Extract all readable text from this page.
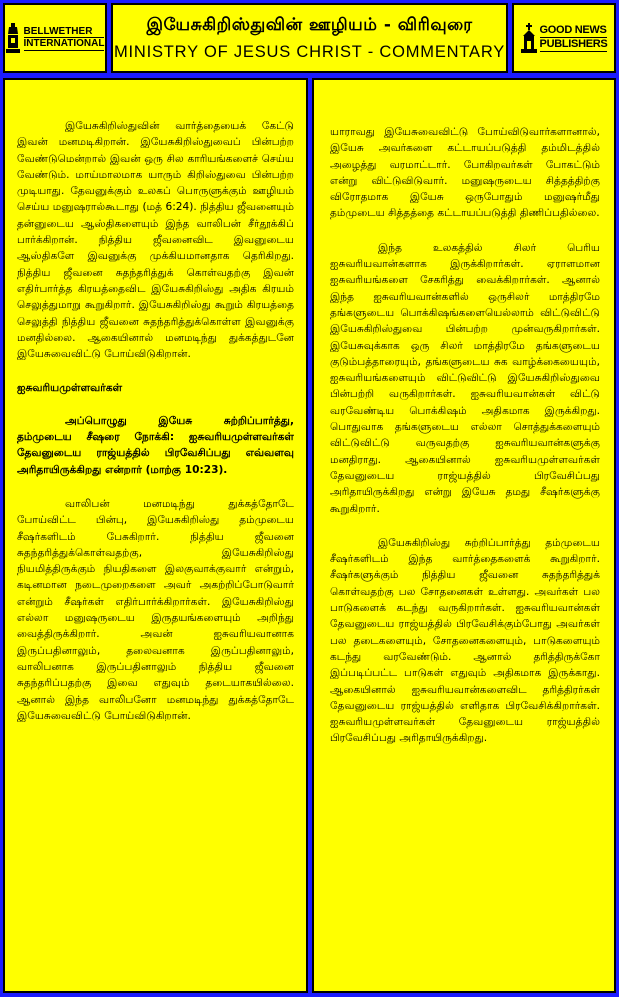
BELLWETHER
INTERNATIONAL
இயேசுகிறிஸ்துவின் ஊழியம் - விரிவுரை
MINISTRY OF JESUS CHRIST - COMMENTARY
GOOD NEWS
PUBLISHERS

இயேசுகிறிஸ்துவின் வார்த்தையைக் கேட்டு இவன் மனமடிகிறான். இயேசுகிறிஸ்துவைப் பின்பற்ற வேண்டுமென்றால் இவன் ஒரு சில காரியங்களைச் செய்ய வேண்டும். மாய்மாலமாக யாரும் கிறிஸ்துவை பின்பற்ற முடியாது. தேவனுக்கும் உலகப் பொருளுக்கும் ஊழியம் செய்ய மனுஷரால்கூடாது (மத் 6:24). நித்திய ஜீவனையும் தன்னுடைய ஆஸ்திகளையும் இந்த வாலிபன் சீர்தூக்கிப் பார்க்கிறான். நித்திய ஜீவனைவிட இவனுடைய ஆஸ்திகளே இவனுக்கு முக்கியமானதாக தெரிகிறது. நித்திய ஜீவனை சுதந்தரித்துக் கொள்வதற்கு இவன் எதிர்பார்த்த கிரயத்தைவிட இயேசுகிறிஸ்து அதிக கிரயம் செலுத்துமாறு கூறுகிறார். இயேசுகிறிஸ்து கூறும் கிரயத்தை செலுத்தி நித்திய ஜீவனை சுதந்தரித்துக்கொள்ள இவனுக்கு மனதில்லை. ஆகையினால் மனமடிந்து துக்கத்துடனே இயேசுவைவிட்டு போய்விடுகிறான்.

ஐசுவரியமுள்ளவர்கள்

அப்பொழுது இயேசு சுற்றிப்பார்த்து, தம்முடைய சீஷரை நோக்கி: ஐசுவரியமுள்ளவர்கள் தேவனுடைய ராஜ்யத்தில் பிரவேசிப்பது எவ்வளவு அரிதாயிருக்கிறது என்றார் (மாற்கு 10:23).

வாலிபன் மனமடிந்து துக்கத்தோடே போய்விட்ட பின்பு, இயேசுகிறிஸ்து தம்முடைய சீஷர்களிடம் பேசுகிறார். நித்திய ஜீவனை சுதந்தரித்துக்கொள்வதற்கு, இயேசுகிறிஸ்து நியமித்திருக்கும் நியதிகளை இலகுவாக்குவார் என்றும், கடினமான நடைமுறைகளை அவர் அகற்றிப்போடுவார் என்றும் சீஷர்கள் எதிர்பார்க்கிறார்கள். இயேசுகிறிஸ்து எல்லா மனுஷருடைய இருதயங்களையும் அறிந்து வைத்திருக்கிறார். அவன் ஐசுவரியவானாக இருப்பதினாலும், தலைவனாக இருப்பதினாலும், வாலிபனாக இருப்பதினாலும் நித்திய ஜீவனை சுதந்தரிப்பதற்கு இவை எதுவும் தடையாகயில்லை. ஆனால் இந்த வாலிபனோ மனமடிந்து துக்கத்தோடே இயேசுவைவிட்டு போய்விடுகிறான்.

யாராவது இயேசுவைவிட்டு போய்விடுவார்களானால், இயேசு அவர்களை கட்டாயப்படுத்தி தம்மிடத்தில் அழைத்து வரமாட்டார். போகிறவர்கள் போகட்டும் என்று விட்டுவிடுவார். மனுஷருடைய சித்தத்திற்கு விரோதமாக இயேசு ஒருபோதும் மனுஷர்மீது தம்முடைய சித்தத்தை கட்டாயப்படுத்தி திணிப்பதில்லை.

இந்த உலகத்தில் சிலர் பெரிய ஐசுவரியவான்களாக இருக்கிறார்கள். ஏராளமான ஐசுவரியங்களை சேகரித்து வைக்கிறார்கள். ஆனால் இந்த ஐசுவரியவான்களில் ஒருசிலர் மாத்திரமே தங்களுடைய பொக்கிஷங்களையெல்லாம் விட்டுவிட்டு இயேசுகிறிஸ்துவை பின்பற்ற முன்வருகிறார்கள். இயேசுவுக்காக ஒரு சிலர் மாத்திரமே தங்களுடைய குடும்பத்தாரையும், தங்களுடைய சுக வாழ்க்கையையும், ஐசுவரியங்களையும் விட்டுவிட்டு இயேசுகிறிஸ்துவை பின்பற்றி வருகிறார்கள். ஐசுவரியவான்கள் விட்டு வரவேண்டிய பொக்கிஷம் அதிகமாக இருக்கிறது. பொதுவாக தங்களுடைய எல்லா சொத்துக்களையும் விட்டுவிட்டு வருவதற்கு ஐசுவரியவான்களுக்கு மனதிராது. ஆகையினால் ஐசுவரியமுள்ளவர்கள் தேவனுடைய ராஜ்யத்தில் பிரவேசிப்பது அரிதாயிருக்கிறது என்று இயேசு தமது சீஷர்களுக்கு கூறுகிறார்.

இயேசுகிறிஸ்து சுற்றிப்பார்த்து தம்முடைய சீஷர்களிடம் இந்த வார்த்தைகளைக் கூறுகிறார். சீஷர்களுக்கும் நித்திய ஜீவனை சுதந்தரித்துக் கொள்வதற்கு பல சோதனைகள் உள்ளது. அவர்கள் பல பாடுகளைக் கடந்து வருகிறார்கள். ஐசுவரியவான்கள் தேவனுடைய ராஜ்யத்தில் பிரவேசிக்கும்போது அவர்கள் பல தடைகளையும், சோதனைகளையும், பாடுகளையும் கடந்து வரவேண்டும். ஆனால் தரித்திருக்கோ இப்படிப்பட்ட பாடுகள் எதுவும் அதிகமாக இருக்காது. ஆகையினால் ஐசுவரியவான்களைவிட தரித்திரர்கள் தேவனுடைய ராஜ்யத்தில் எளிதாக பிரவேசிக்கிறார்கள். ஐசுவரியமுள்ளவர்கள் தேவனுடைய ராஜ்யத்தில் பிரவேசிப்பது அரிதாயிருக்கிறது.
